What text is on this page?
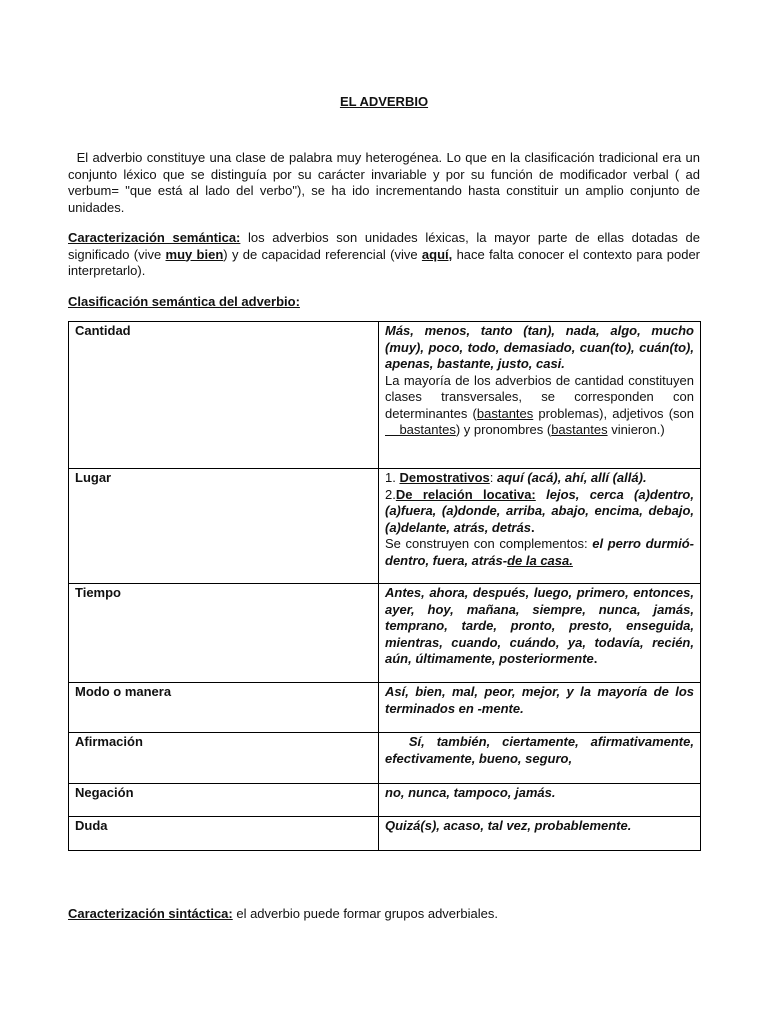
EL ADVERBIO

El adverbio constituye una clase de palabra muy heterogénea. Lo que en la clasificación tradicional era un conjunto léxico que se distinguía por su carácter invariable y por su función de modificador verbal ( ad verbum= "que está al lado del verbo"), se ha ido incrementando hasta constituir un amplio conjunto de unidades.

Caracterización semántica: los adverbios son unidades léxicas, la mayor parte de ellas dotadas de significado (vive muy bien) y de capacidad referencial (vive aquí, hace falta conocer el contexto para poder interpretarlo).

Clasificación semántica del adverbio:
Cantidad	Más, menos, tanto (tan), nada, algo, mucho (muy), poco, todo, demasiado, cuan(to), cuán(to), apenas, bastante, justo, casi.
La mayoría de los adverbios de cantidad constituyen clases transversales, se corresponden con determinantes (bastantes problemas), adjetivos (son    bastantes) y pronombres (bastantes vinieron.)
Lugar	1. Demostrativos: aquí (acá), ahí, allí (allá).
2.De relación locativa: lejos, cerca (a)dentro, (a)fuera, (a)donde, arriba, abajo, encima, debajo, (a)delante, atrás, detrás.
Se construyen con complementos: el perro durmió-dentro, fuera, atrás-de la casa.
Tiempo	Antes, ahora, después, luego, primero, entonces, ayer, hoy, mañana, siempre, nunca, jamás, temprano, tarde, pronto, presto, enseguida, mientras, cuando, cuándo, ya, todavía, recién, aún, últimamente, posteriormente.
Modo o manera	Así, bien, mal, peor, mejor, y la mayoría de los terminados en -mente.
Afirmación	Sí, también, ciertamente, afirmativamente, efectivamente, bueno, seguro,
Negación	no, nunca, tampoco, jamás.
Duda	Quizá(s), acaso, tal vez, probablemente.

Caracterización sintáctica: el adverbio puede formar grupos adverbiales.
